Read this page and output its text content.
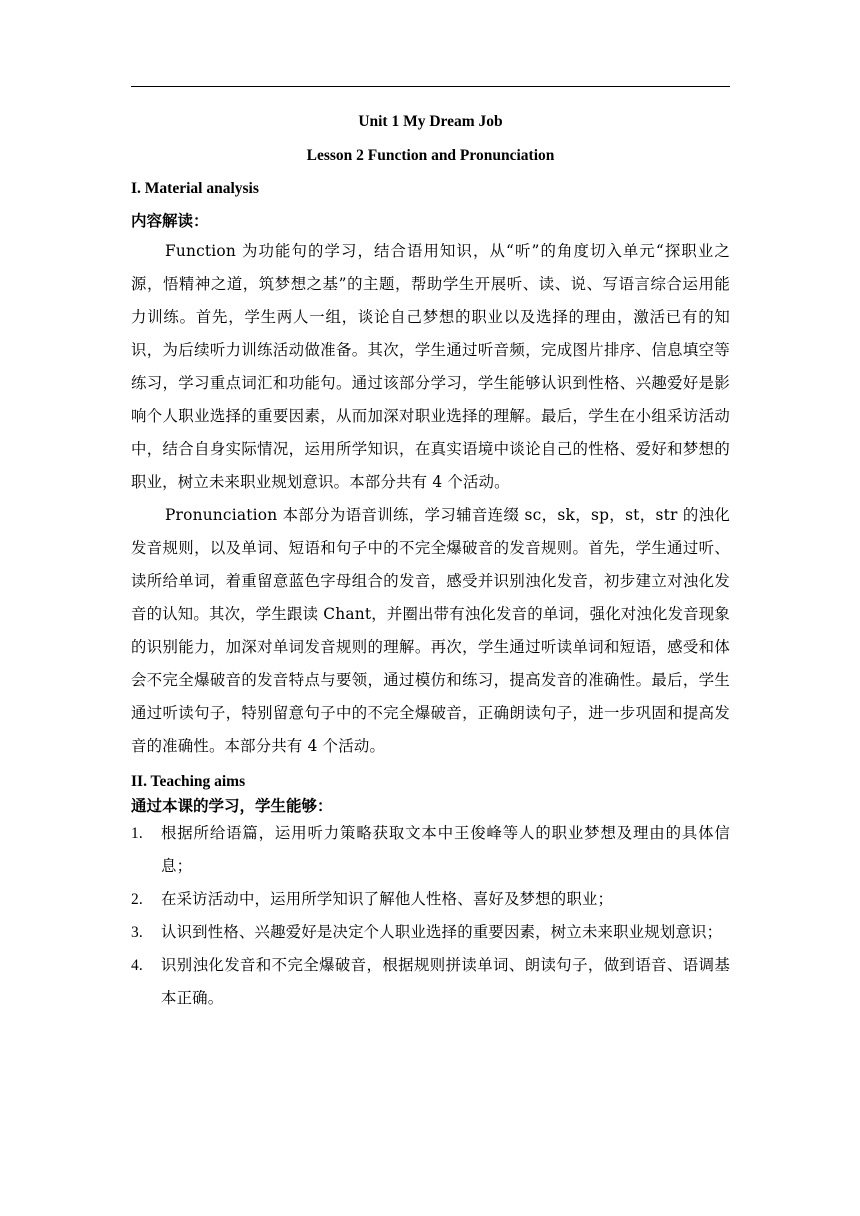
Unit 1 My Dream Job

Lesson 2 Function and Pronunciation

I. Material analysis

内容解读：

Function 为功能句的学习，结合语用知识，从“听”的角度切入单元“探职业之源，悟精神之道，筑梦想之基”的主题，帮助学生开展听、读、说、写语言综合运用能力训练。首先，学生两人一组，谈论自己梦想的职业以及选择的理由，激活已有的知识，为后续听力训练活动做准备。其次，学生通过听音频，完成图片排序、信息填空等练习，学习重点词汇和功能句。通过该部分学习，学生能够认识到性格、兴趣爱好是影响个人职业选择的重要因素，从而加深对职业选择的理解。最后，学生在小组采访活动中，结合自身实际情况，运用所学知识，在真实语境中谈论自己的性格、爱好和梦想的职业，树立未来职业规划意识。本部分共有 4 个活动。

Pronunciation 本部分为语音训练，学习辅音连缀 sc，sk，sp，st，str 的浊化发音规则，以及单词、短语和句子中的不完全爆破音的发音规则。首先，学生通过听、读所给单词，着重留意蓝色字母组合的发音，感受并识别浊化发音，初步建立对浊化发音的认知。其次，学生跟读 Chant，并圈出带有浊化发音的单词，强化对浊化发音现象的识别能力，加深对单词发音规则的理解。再次，学生通过听读单词和短语，感受和体会不完全爆破音的发音特点与要领，通过模仿和练习，提高发音的准确性。最后，学生通过听读句子，特别留意句子中的不完全爆破音，正确朗读句子，进一步巩固和提高发音的准确性。本部分共有 4 个活动。

II. Teaching aims

通过本课的学习，学生能够：

1.	根据所给语篇，运用听力策略获取文本中王俊峰等人的职业梦想及理由的具体信息；
2.	在采访活动中，运用所学知识了解他人性格、喜好及梦想的职业；
3.	认识到性格、兴趣爱好是决定个人职业选择的重要因素，树立未来职业规划意识；
4.	识别浊化发音和不完全爆破音，根据规则拼读单词、朗读句子，做到语音、语调基本正确。
